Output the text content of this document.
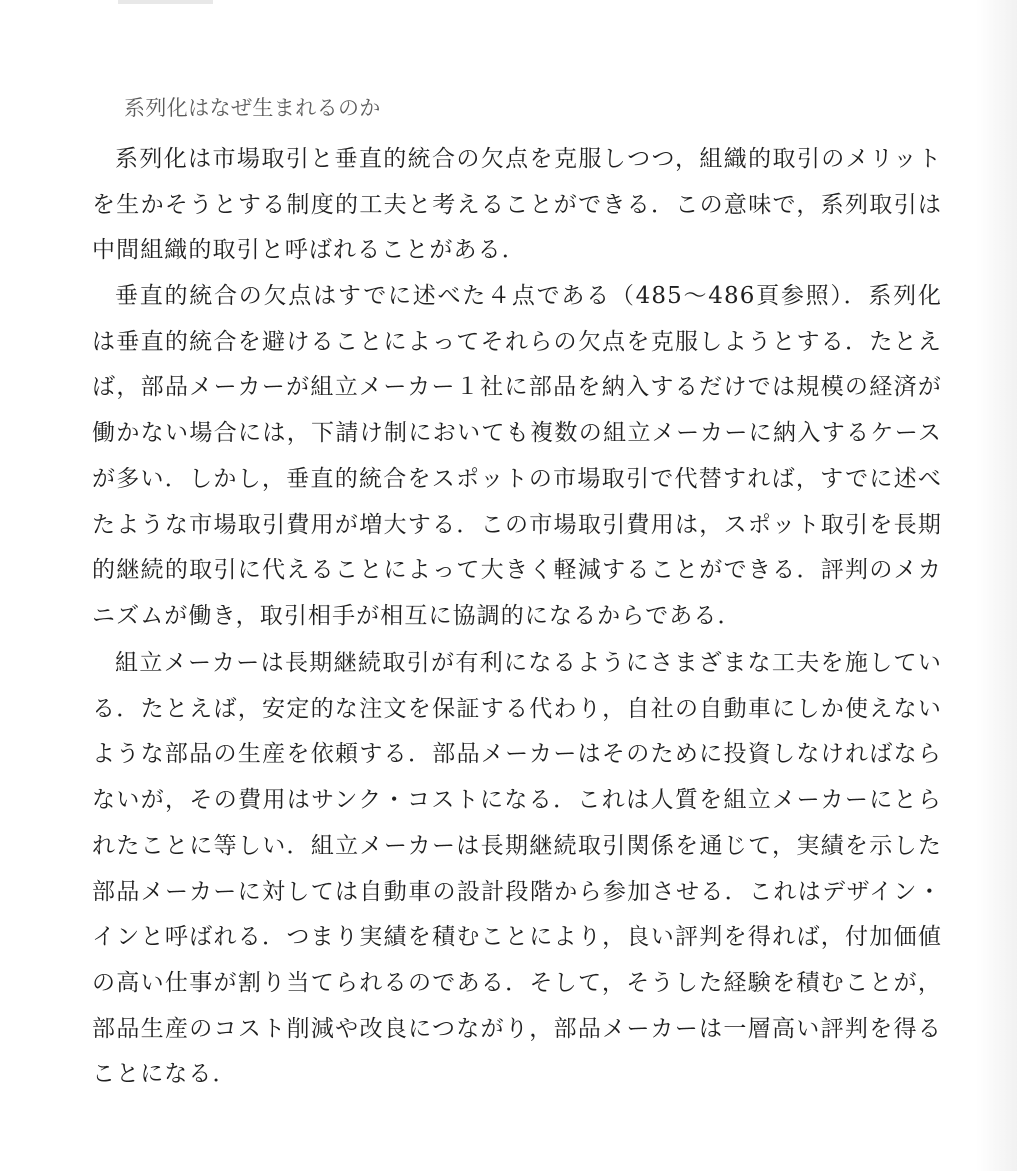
系列化はなぜ生まれるのか

系列化は市場取引と垂直的統合の欠点を克服しつつ，組織的取引のメリットを生かそうとする制度的工夫と考えることができる．この意味で，系列取引は中間組織的取引と呼ばれることがある．

垂直的統合の欠点はすでに述べた４点である（485～486頁参照）．系列化は垂直的統合を避けることによってそれらの欠点を克服しようとする．たとえば，部品メーカーが組立メーカー１社に部品を納入するだけでは規模の経済が働かない場合には，下請け制においても複数の組立メーカーに納入するケースが多い．しかし，垂直的統合をスポットの市場取引で代替すれば，すでに述べたような市場取引費用が増大する．この市場取引費用は，スポット取引を長期的継続的取引に代えることによって大きく軽減することができる．評判のメカニズムが働き，取引相手が相互に協調的になるからである．

組立メーカーは長期継続取引が有利になるようにさまざまな工夫を施している．たとえば，安定的な注文を保証する代わり，自社の自動車にしか使えないような部品の生産を依頼する．部品メーカーはそのために投資しなければならないが，その費用はサンク・コストになる．これは人質を組立メーカーにとられたことに等しい．組立メーカーは長期継続取引関係を通じて，実績を示した部品メーカーに対しては自動車の設計段階から参加させる．これはデザイン・インと呼ばれる．つまり実績を積むことにより，良い評判を得れば，付加価値の高い仕事が割り当てられるのである．そして，そうした経験を積むことが，部品生産のコスト削減や改良につながり，部品メーカーは一層高い評判を得ることになる．
